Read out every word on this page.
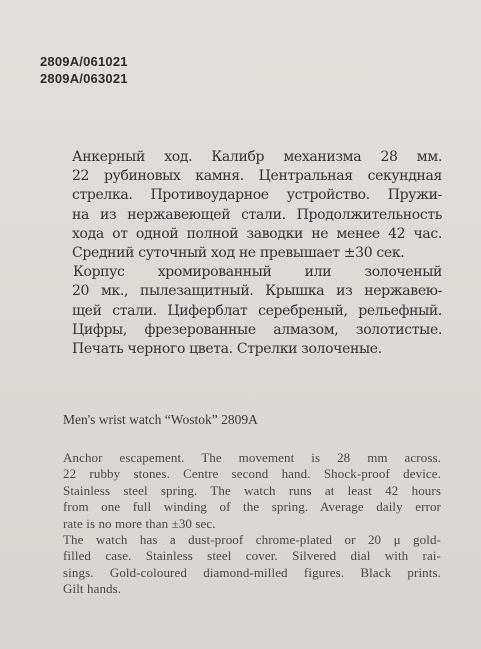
2809A/061021
2809A/063021
Анкерный ход. Калибр механизма 28 мм.
22 рубиновых камня. Центральная секундная
стрелка. Противоударное устройство. Пружи-
на из нержавеющей стали. Продолжительность
хода от одной полной заводки не менее 42 час.
Средний суточный ход не превышает ±30 сек.
Корпус хромированный или золоченый
20 мк., пылезащитный. Крышка из нержавею-
щей стали. Циферблат серебреный, рельефный.
Цифры, фрезерованные алмазом, золотистые.
Печать черного цвета. Стрелки золоченые.
Men's wrist watch “Wostok” 2809A
Anchor escapement. The movement is 28 mm across.
22 rubby stones. Centre second hand. Shock-proof device.
Stainless steel spring. The watch runs at least 42 hours
from one full winding of the spring. Average daily error
rate is no more than ±30 sec.
The watch has a dust-proof chrome-plated or 20 μ gold-
filled case. Stainless steel cover. Silvered dial with rai-
sings. Gold-coloured diamond-milled figures. Black prints.
Gilt hands.
